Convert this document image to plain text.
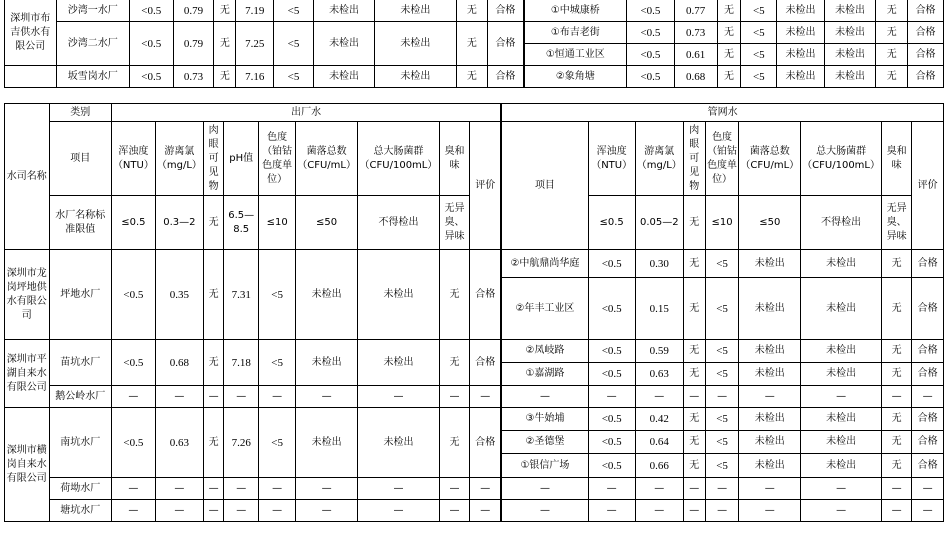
深圳市布吉供水有限公司	沙湾一水厂	<0.5	0.79	无	7.19	<5	未检出	未检出	无	合格	①中城康桥	<0.5	0.77	无	<5	未检出	未检出	无	合格
	沙湾二水厂	<0.5	0.79	无	7.25	<5	未检出	未检出	无	合格	①布吉老街	<0.5	0.73	无	<5	未检出	未检出	无	合格
											①恒通工业区	<0.5	0.61	无	<5	未检出	未检出	无	合格
	坂雪岗水厂	<0.5	0.73	无	7.16	<5	未检出	未检出	无	合格	②象角塘	<0.5	0.68	无	<5	未检出	未检出	无	合格
水司名称	类别	出厂水									管网水								
	项目	浑浊度（NTU）	游离氯（mg/L）	肉眼可见物	pH值	色度（铂钴色度单位）	菌落总数（CFU/mL）	总大肠菌群（CFU/100mL）	臭和味	评价	项目	浑浊度（NTU）	游离氯（mg/L）	肉眼可见物	色度（铂钴色度单位）	菌落总数（CFU/mL）	总大肠菌群（CFU/100mL）	臭和味	评价
	水厂名称标准限值	≤0.5	0.3—2	无	6.5—8.5	≤10	≤50	不得检出	无异臭、异味			≤0.5	0.05—2	无	≤10	≤50	不得检出	无异臭、异味	
深圳市龙岗坪地供水有限公司	坪地水厂	<0.5	0.35	无	7.31	<5	未检出	未检出	无	合格	②中航鼎尚华庭	<0.5	0.30	无	<5	未检出	未检出	无	合格
											②年丰工业区	<0.5	0.15	无	<5	未检出	未检出	无	合格
深圳市平湖自来水有限公司	苗坑水厂	<0.5	0.68	无	7.18	<5	未检出	未检出	无	合格	②凤岐路	<0.5	0.59	无	<5	未检出	未检出	无	合格
											①嘉湖路	<0.5	0.63	无	<5	未检出	未检出	无	合格
	鹅公岭水厂	—	—	—	—	—	—	—	—	—	—	—	—	—	—	—	—	—	—
深圳市横岗自来水有限公司	南坑水厂	<0.5	0.63	无	7.26	<5	未检出	未检出	无	合格	③牛始埔	<0.5	0.42	无	<5	未检出	未检出	无	合格
											②圣德堡	<0.5	0.64	无	<5	未检出	未检出	无	合格
											①银信广场	<0.5	0.66	无	<5	未检出	未检出	无	合格
	荷坳水厂	—	—	—	—	—	—	—	—	—	—	—	—	—	—	—	—	—	—
	塘坑水厂	—	—	—	—	—	—	—	—	—	—	—	—	—	—	—	—	—	—
